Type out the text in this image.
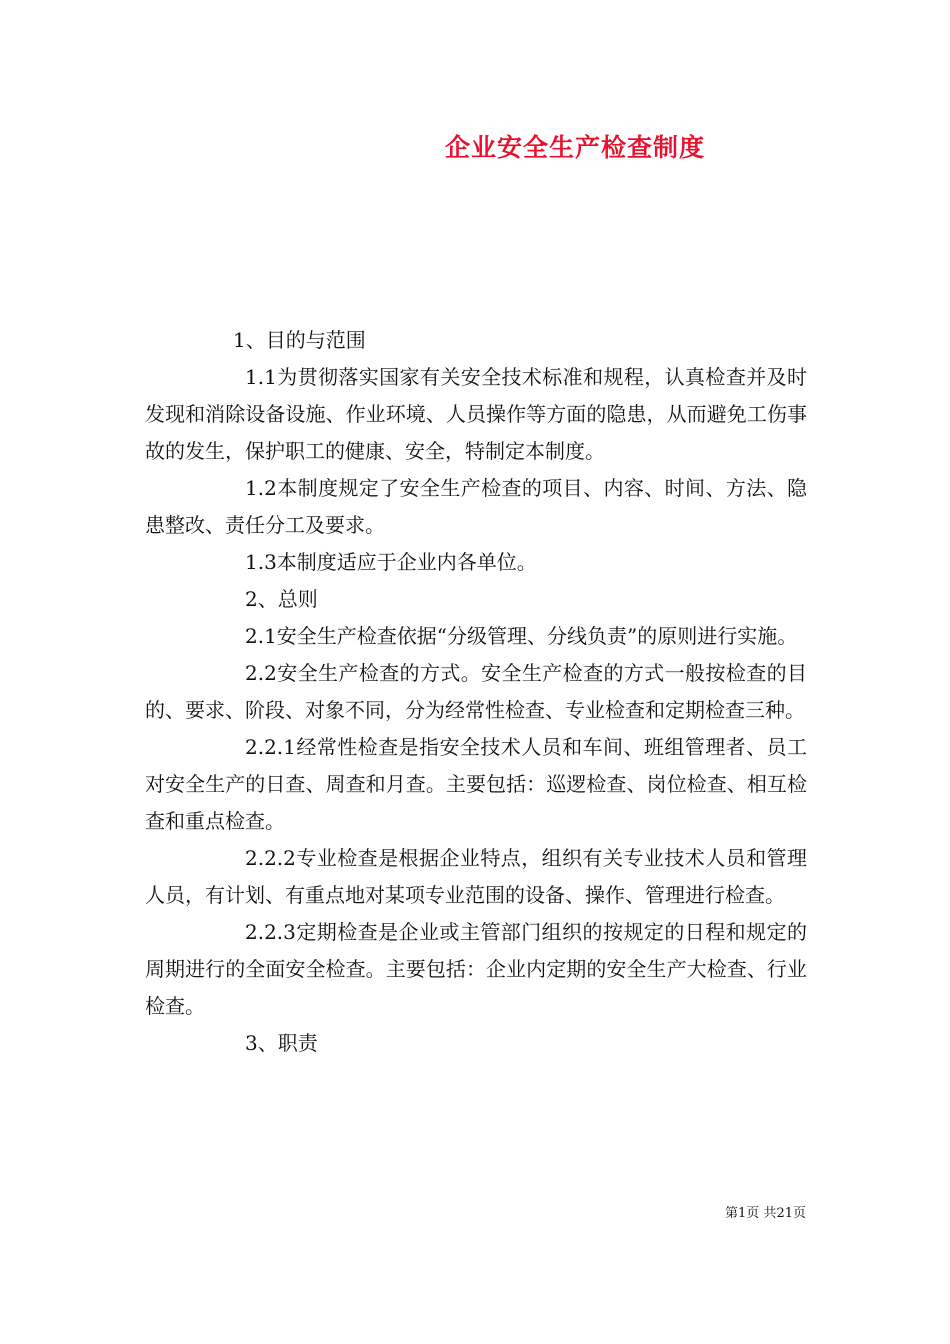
企业安全生产检查制度

1、目的与范围

1.1为贯彻落实国家有关安全技术标准和规程，认真检查并及时发现和消除设备设施、作业环境、人员操作等方面的隐患，从而避免工伤事故的发生，保护职工的健康、安全，特制定本制度。

1.2本制度规定了安全生产检查的项目、内容、时间、方法、隐患整改、责任分工及要求。

1.3本制度适应于企业内各单位。

2、总则

2.1安全生产检查依据“分级管理、分线负责”的原则进行实施。

2.2安全生产检查的方式。安全生产检查的方式一般按检查的目的、要求、阶段、对象不同，分为经常性检查、专业检查和定期检查三种。

2.2.1经常性检查是指安全技术人员和车间、班组管理者、员工对安全生产的日查、周查和月查。主要包括：巡逻检查、岗位检查、相互检查和重点检查。

2.2.2专业检查是根据企业特点，组织有关专业技术人员和管理人员，有计划、有重点地对某项专业范围的设备、操作、管理进行检查。

2.2.3定期检查是企业或主管部门组织的按规定的日程和规定的周期进行的全面安全检查。主要包括：企业内定期的安全生产大检查、行业检查。

3、职责

第1页 共21页
